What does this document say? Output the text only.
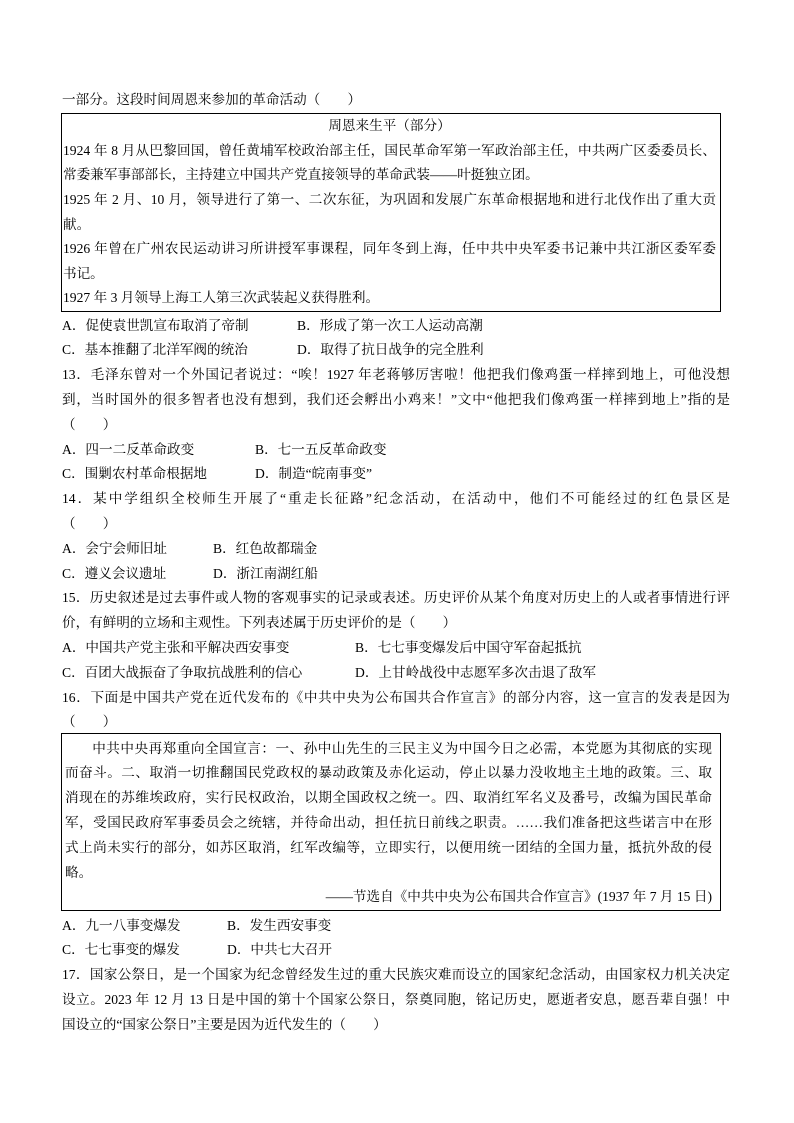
一部分。这段时间周恩来参加的革命活动（　　）
周恩来生平（部分）
1924 年 8 月从巴黎回国，曾任黄埔军校政治部主任，国民革命军第一军政治部主任，中共两广区委委员长、
常委兼军事部部长，主持建立中国共产党直接领导的革命武装——叶挺独立团。
1925 年 2 月、10 月，领导进行了第一、二次东征，为巩固和发展广东革命根据地和进行北伐作出了重大贡
献。
1926 年曾在广州农民运动讲习所讲授军事课程，同年冬到上海，任中共中央军委书记兼中共江浙区委军委
书记。
1927 年 3 月领导上海工人第三次武装起义获得胜利。
A．促使袁世凯宣布取消了帝制	B．形成了第一次工人运动高潮
C．基本推翻了北洋军阀的统治	D．取得了抗日战争的完全胜利
13．毛泽东曾对一个外国记者说过：“唉！1927 年老蒋够厉害啦！他把我们像鸡蛋一样摔到地上，可他没想
到，当时国外的很多智者也没有想到，我们还会孵出小鸡来！”文中“他把我们像鸡蛋一样摔到地上”指的是
（　　）
A．四一二反革命政变	B．七一五反革命政变
C．围剿农村革命根据地	D．制造“皖南事变”
14．某中学组织全校师生开展了“重走长征路”纪念活动，在活动中，他们不可能经过的红色景区是
（　　）
A．会宁会师旧址	B．红色故都瑞金
C．遵义会议遗址	D．浙江南湖红船
15．历史叙述是过去事件或人物的客观事实的记录或表述。历史评价从某个角度对历史上的人或者事情进行评
价，有鲜明的立场和主观性。下列表述属于历史评价的是（　　）
A．中国共产党主张和平解决西安事变	B．七七事变爆发后中国守军奋起抵抗
C．百团大战振奋了争取抗战胜利的信心	D．上甘岭战役中志愿军多次击退了敌军
16．下面是中国共产党在近代发布的《中共中央为公布国共合作宣言》的部分内容，这一宣言的发表是因为
（　　）
中共中央再郑重向全国宣言：一、孙中山先生的三民主义为中国今日之必需，本党愿为其彻底的实现
而奋斗。二、取消一切推翻国民党政权的暴动政策及赤化运动，停止以暴力没收地主土地的政策。三、取
消现在的苏维埃政府，实行民权政治，以期全国政权之统一。四、取消红军名义及番号，改编为国民革命
军，受国民政府军事委员会之统辖，并待命出动，担任抗日前线之职责。……我们准备把这些诺言中在形
式上尚未实行的部分，如苏区取消，红军改编等，立即实行，以便用统一团结的全国力量，抵抗外敌的侵
略。
——节选自《中共中央为公布国共合作宣言》(1937 年 7 月 15 日)
A．九一八事变爆发	B．发生西安事变
C．七七事变的爆发	D．中共七大召开
17．国家公祭日，是一个国家为纪念曾经发生过的重大民族灾难而设立的国家纪念活动，由国家权力机关决定
设立。2023 年 12 月 13 日是中国的第十个国家公祭日，祭奠同胞，铭记历史，愿逝者安息，愿吾辈自强！中
国设立的“国家公祭日”主要是因为近代发生的（　　）
